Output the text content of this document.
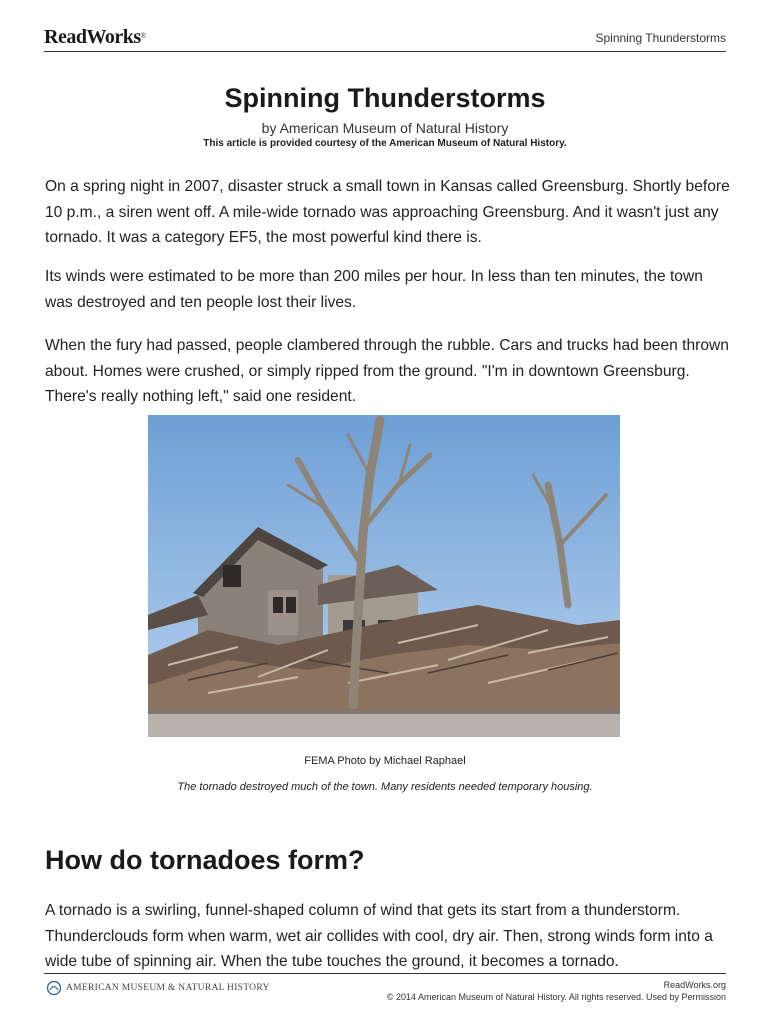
ReadWorks®	Spinning Thunderstorms
Spinning Thunderstorms
by American Museum of Natural History
This article is provided courtesy of the American Museum of Natural History.

On a spring night in 2007, disaster struck a small town in Kansas called Greensburg. Shortly before 10 p.m., a siren went off. A mile-wide tornado was approaching Greensburg. And it wasn't just any tornado. It was a category EF5, the most powerful kind there is.

Its winds were estimated to be more than 200 miles per hour. In less than ten minutes, the town was destroyed and ten people lost their lives.

When the fury had passed, people clambered through the rubble. Cars and trucks had been thrown about. Homes were crushed, or simply ripped from the ground. "I'm in downtown Greensburg. There's really nothing left," said one resident.

FEMA Photo by Michael Raphael
The tornado destroyed much of the town. Many residents needed temporary housing.
How do tornadoes form?

A tornado is a swirling, funnel-shaped column of wind that gets its start from a thunderstorm. Thunderclouds form when warm, wet air collides with cool, dry air. Then, strong winds form into a wide tube of spinning air. When the tube touches the ground, it becomes a tornado.

AMERICAN MUSEUM & NATURAL HISTORY	ReadWorks.org
© 2014 American Museum of Natural History. All rights reserved. Used by Permission
